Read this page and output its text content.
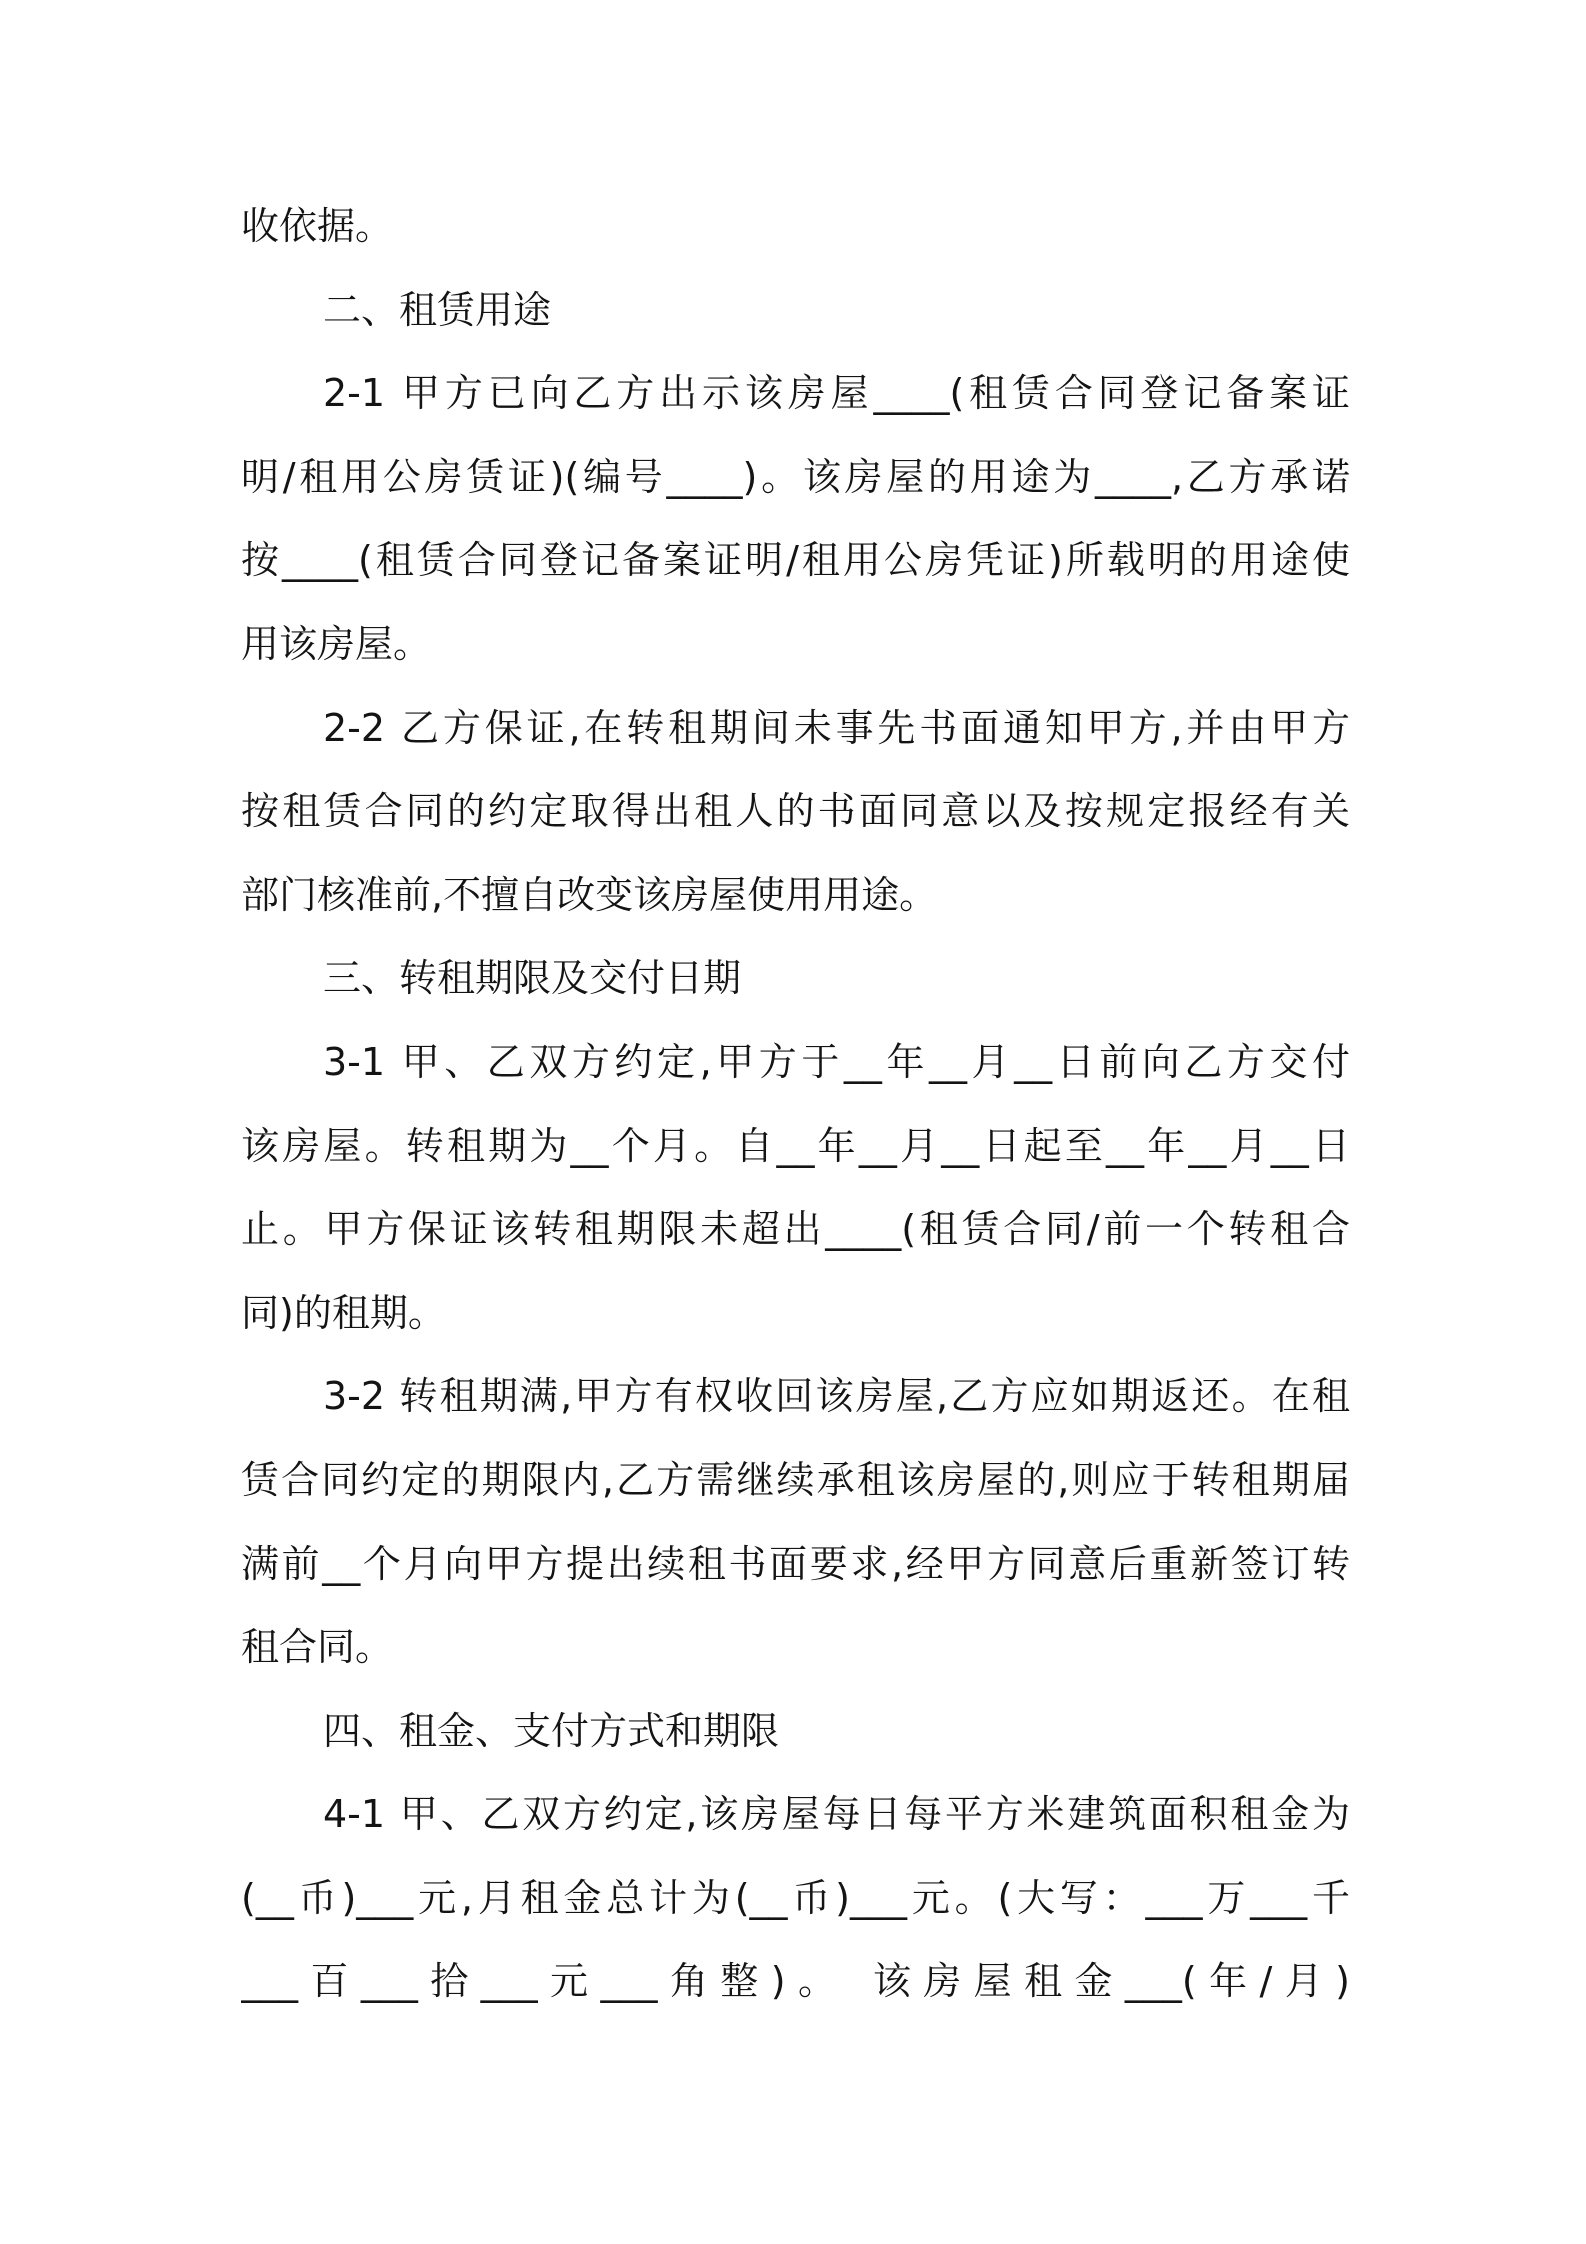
收依据。
二、租赁用途
2-1 甲方已向乙方出示该房屋____(租赁合同登记备案证
明/租用公房赁证)(编号____)。该房屋的用途为____,乙方承诺
按____(租赁合同登记备案证明/租用公房凭证)所载明的用途使
用该房屋。
2-2 乙方保证,在转租期间未事先书面通知甲方,并由甲方
按租赁合同的约定取得出租人的书面同意以及按规定报经有关
部门核准前,不擅自改变该房屋使用用途。
三、转租期限及交付日期
3-1 甲、乙双方约定,甲方于__年__月__日前向乙方交付
该房屋。转租期为__个月。自__年__月__日起至__年__月__日
止。甲方保证该转租期限未超出____(租赁合同/前一个转租合
同)的租期。
3-2 转租期满,甲方有权收回该房屋,乙方应如期返还。在租
赁合同约定的期限内,乙方需继续承租该房屋的,则应于转租期届
满前__个月向甲方提出续租书面要求,经甲方同意后重新签订转
租合同。
四、租金、支付方式和期限
4-1 甲、乙双方约定,该房屋每日每平方米建筑面积租金为
(__币)___元,月租金总计为(__币)___元。(大写：___万___千
___百___拾___元___角整)。 该房屋租金___(年/月)
